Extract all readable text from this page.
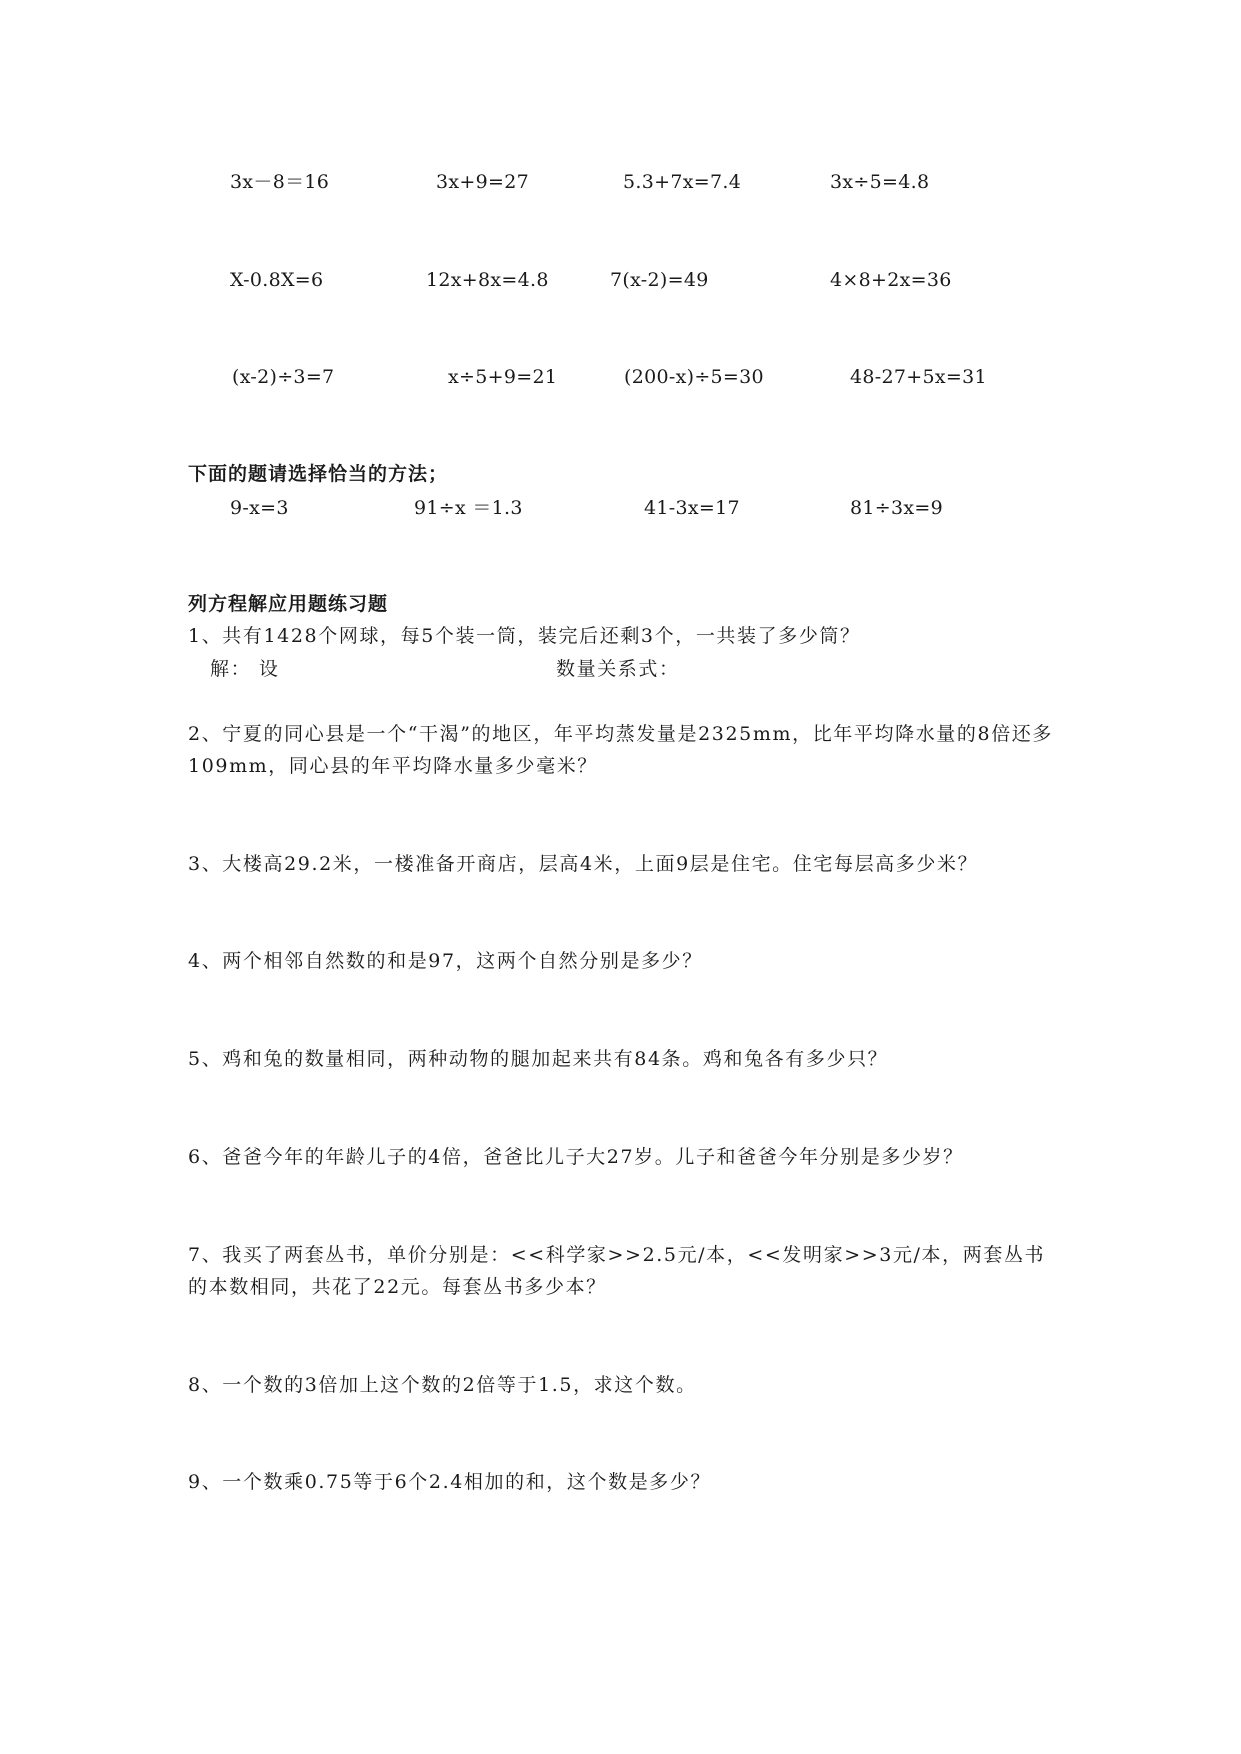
3x－8＝16	3x+9=27	5.3+7x=7.4	3x÷5=4.8
X-0.8X=6	12x+8x=4.8	7(x-2)=49	4×8+2x=36
(x-2)÷3=7	x÷5+9=21	(200-x)÷5=30	48-27+5x=31
下面的题请选择恰当的方法；
9-x=3	91÷x ＝1.3	41-3x=17	81÷3x=9
列方程解应用题练习题
1、共有1428个网球，每5个装一筒，装完后还剩3个，一共装了多少筒？
解： 设	数量关系式：
2、宁夏的同心县是一个“干渴”的地区，年平均蒸发量是2325mm，比年平均降水量的8倍还多109mm，同心县的年平均降水量多少毫米？
3、大楼高29.2米，一楼准备开商店，层高4米，上面9层是住宅。住宅每层高多少米？
4、两个相邻自然数的和是97，这两个自然分别是多少？
5、鸡和兔的数量相同，两种动物的腿加起来共有84条。鸡和兔各有多少只？
6、爸爸今年的年龄儿子的4倍，爸爸比儿子大27岁。儿子和爸爸今年分别是多少岁？
7、我买了两套丛书，单价分别是：<<科学家>>2.5元/本，<<发明家>>3元/本，两套丛书的本数相同，共花了22元。每套丛书多少本？
8、一个数的3倍加上这个数的2倍等于1.5，求这个数。
9、一个数乘0.75等于6个2.4相加的和，这个数是多少？
